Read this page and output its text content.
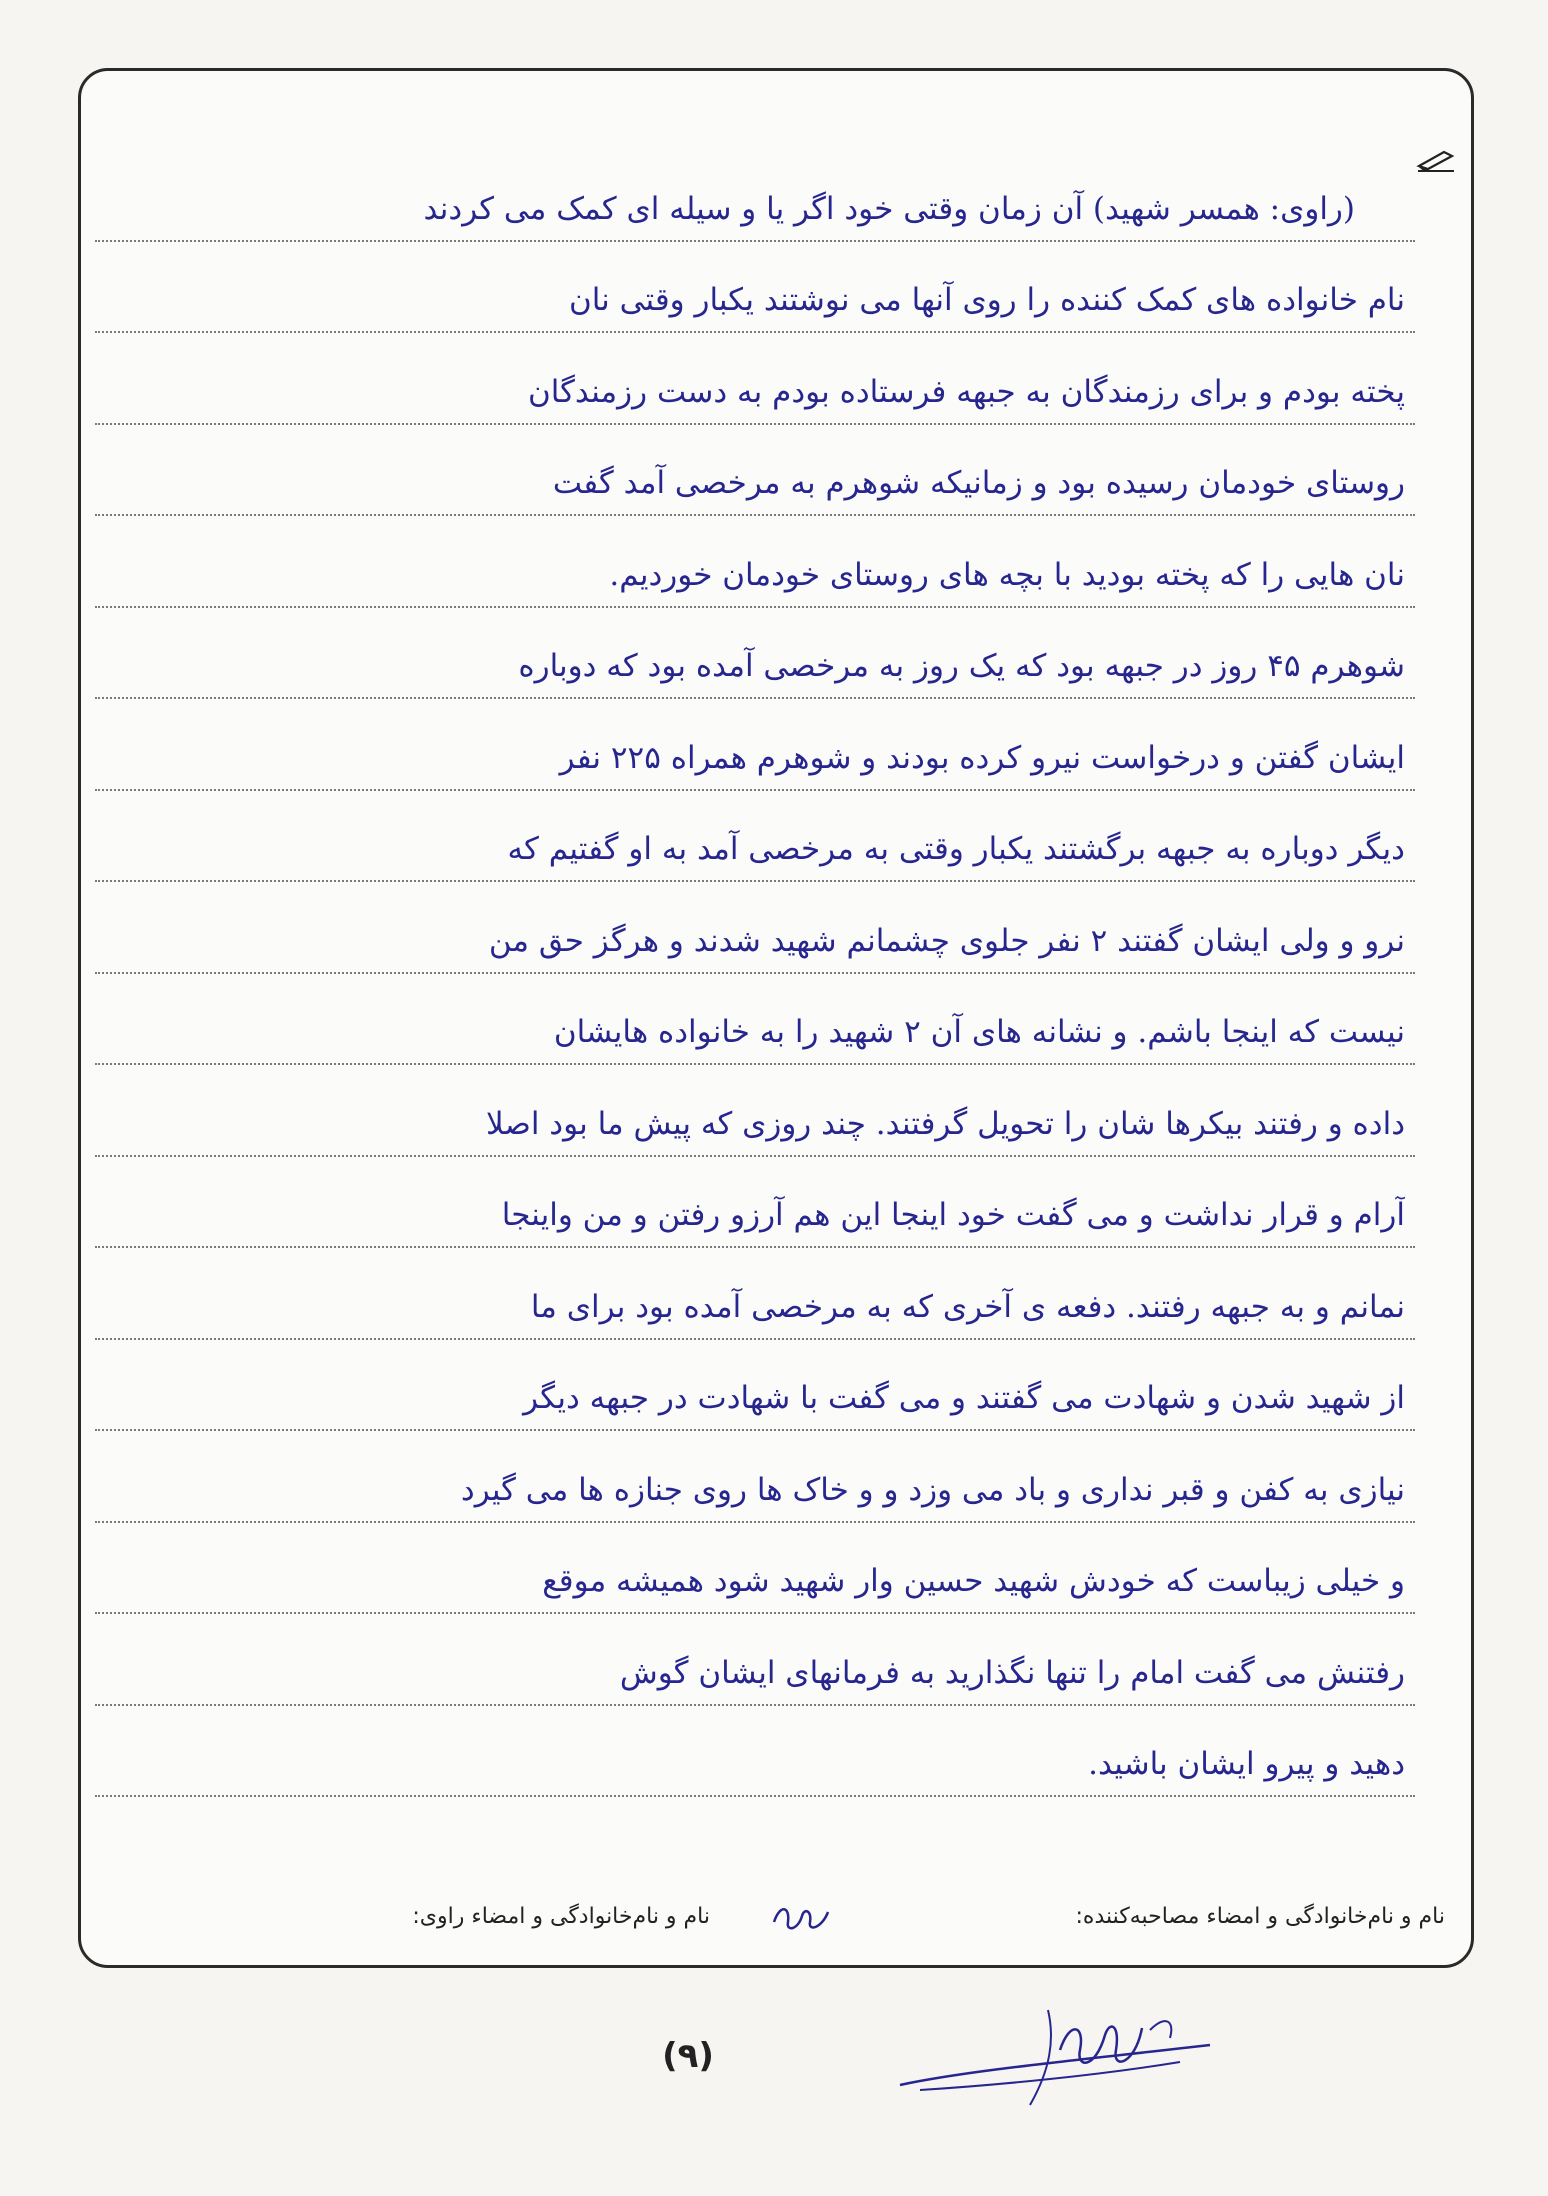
(راوی: همسر شهید) آن زمان وقتی خود اگر یا و سیله ای کمک می کردند
نام خانواده های کمک کننده را روی آنها می نوشتند یکبار وقتی نان
پخته بودم و برای رزمندگان به جبهه فرستاده بودم به دست رزمندگان
روستای خودمان رسیده بود و زمانیکه شوهرم به مرخصی آمد گفت
نان هایی را که پخته بودید با بچه های روستای خودمان خوردیم.
شوهرم ۴۵ روز در جبهه بود که یک روز به مرخصی آمده بود که دوباره
ایشان گفتن و درخواست نیرو کرده بودند و شوهرم همراه ۲۲۵ نفر
دیگر دوباره به جبهه برگشتند یکبار وقتی به مرخصی آمد به او گفتیم که
نرو و ولی ایشان گفتند ۲ نفر جلوی چشمانم شهید شدند و هرگز حق من
نیست که اینجا باشم. و نشانه های آن ۲ شهید را به خانواده هایشان
داده و رفتند بیکرها شان را تحویل گرفتند. چند روزی که پیش ما بود اصلا
آرام و قرار نداشت و می گفت خود اینجا این هم آرزو رفتن و من واینجا
نمانم و به جبهه رفتند. دفعه ی آخری که به مرخصی آمده بود برای ما
از شهید شدن و شهادت می گفتند و می گفت با شهادت در جبهه دیگر
نیازی به کفن و قبر نداری و باد می وزد و و خاک ها روی جنازه ها می گیرد
و خیلی زیباست که خودش شهید حسین وار شهید شود همیشه موقع
رفتنش می گفت امام را تنها نگذارید به فرمانهای ایشان گوش
دهید و پیرو ایشان باشید.
نام و نام‌خانوادگی و امضاء مصاحبه‌کننده:
نام و نام‌خانوادگی و امضاء راوی:
(۹)
